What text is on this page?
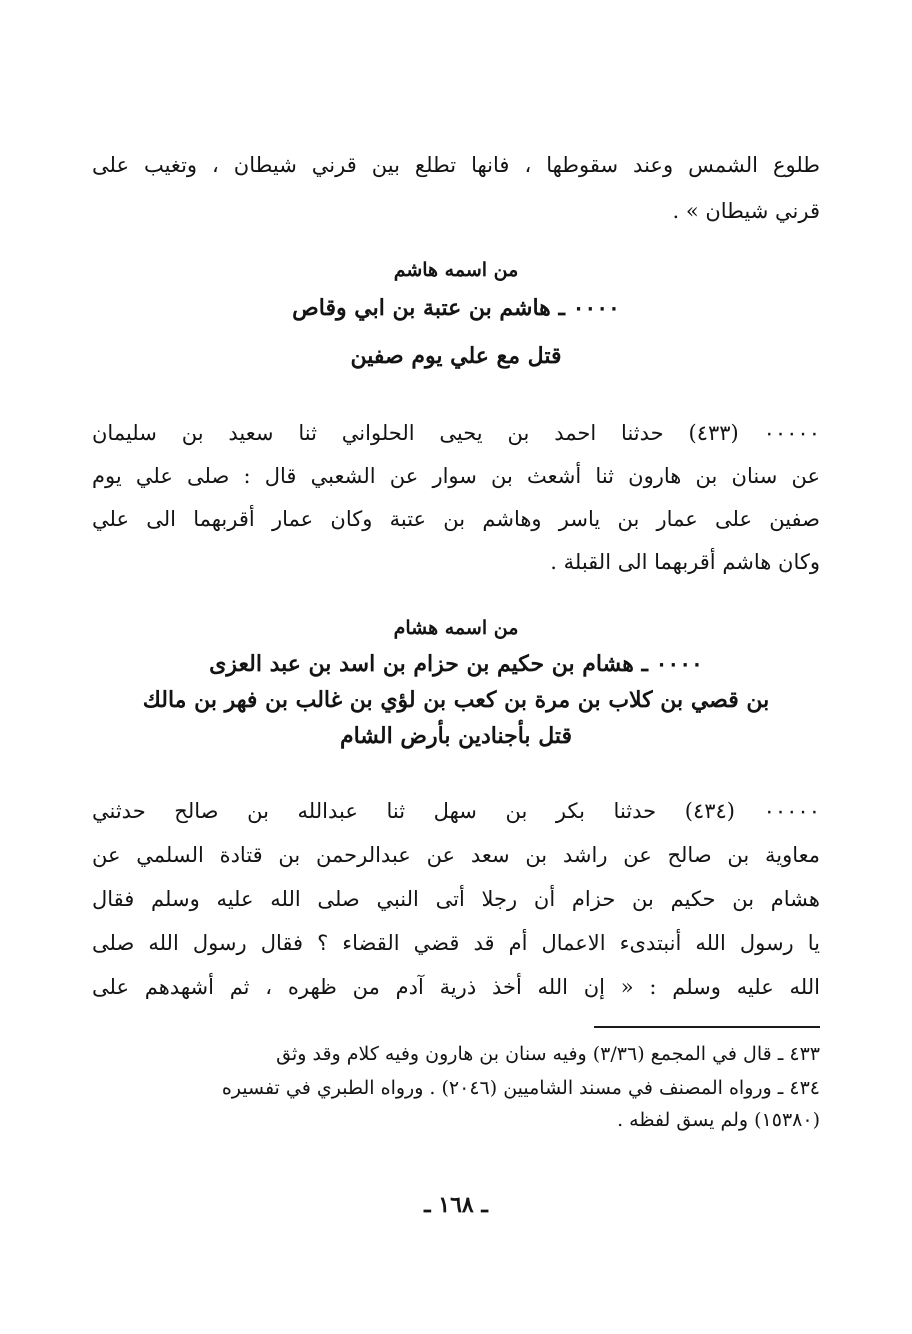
طلوع الشمس وعند سقوطها ، فانها تطلع بين قرني شيطان ، وتغيب على
قرني شيطان » .
من اسمه هاشم
٠٠٠٠ ـ هاشم بن عتبة بن ابي وقاص
قتل مع علي يوم صفين
٠٠٠٠٠ (٤٣٣) حدثنا احمد بن يحيى الحلواني ثنا سعيد بن سليمان
عن سنان بن هارون ثنا أشعث بن سوار عن الشعبي قال : صلى علي يوم
صفين على عمار بن ياسر وهاشم بن عتبة وكان عمار أقربهما الى علي
وكان هاشم أقربهما الى القبلة .
من اسمه هشام
٠٠٠٠ ـ هشام بن حكيم بن حزام بن اسد بن عبد العزى
بن قصي بن كلاب بن مرة بن كعب بن لؤي بن غالب بن فهر بن مالك
قتل بأجنادين بأرض الشام
٠٠٠٠٠ (٤٣٤) حدثنا بكر بن سهل ثنا عبدالله بن صالح حدثني
معاوية بن صالح عن راشد بن سعد عن عبدالرحمن بن قتادة السلمي عن
هشام بن حكيم بن حزام أن رجلا أتى النبي صلى الله عليه وسلم فقال
يا رسول الله أنبتدىء الاعمال أم قد قضي القضاء ؟ فقال رسول الله صلى
الله عليه وسلم : « إن الله أخذ ذرية آدم من ظهره ، ثم أشهدهم على
٤٣٣ ـ قال في المجمع (٣/٣٦) وفيه سنان بن هارون وفيه كلام وقد وثق
٤٣٤ ـ ورواه المصنف في مسند الشاميين (٢٠٤٦) . ورواه الطبري في تفسيره
(١٥٣٨٠) ولم يسق لفظه .
ـ ١٦٨ ـ
